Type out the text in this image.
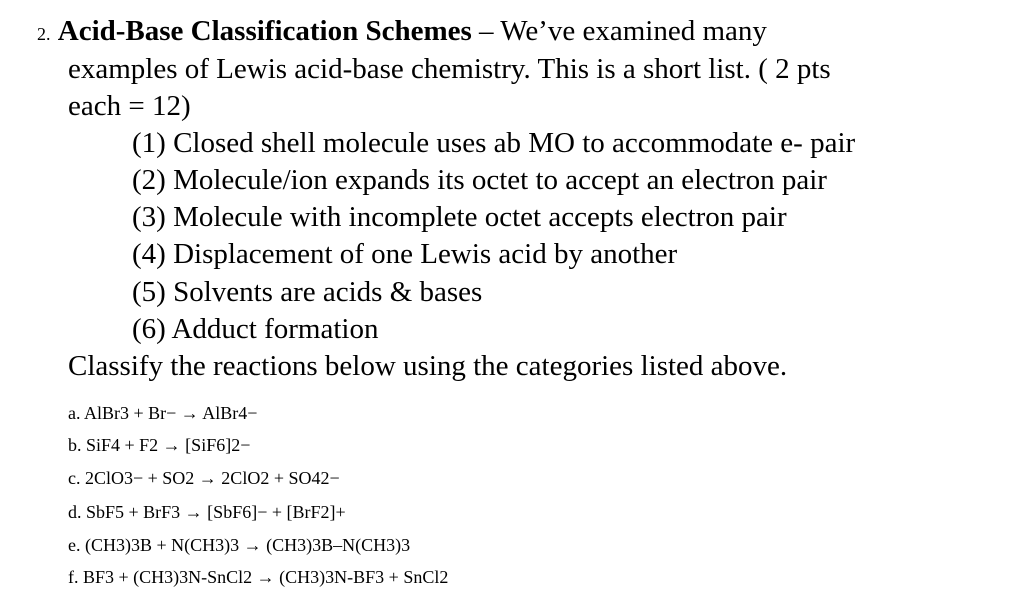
2. Acid-Base Classification Schemes – We’ve examined many
examples of Lewis acid-base chemistry. This is a short list. ( 2 pts
each = 12)
(1) Closed shell molecule uses ab MO to accommodate e- pair
(2) Molecule/ion expands its octet to accept an electron pair
(3) Molecule with incomplete octet accepts electron pair
(4) Displacement of one Lewis acid by another
(5) Solvents are acids & bases
(6) Adduct formation
Classify the reactions below using the categories listed above.
a. AlBr3 + Br− → AlBr4−
b. SiF4 + F2 → [SiF6]2−
c. 2ClO3− + SO2 → 2ClO2 + SO42−
d. SbF5 + BrF3 → [SbF6]− + [BrF2]+
e. (CH3)3B + N(CH3)3 → (CH3)3B–N(CH3)3
f. BF3 + (CH3)3N-SnCl2 → (CH3)3N-BF3 + SnCl2
